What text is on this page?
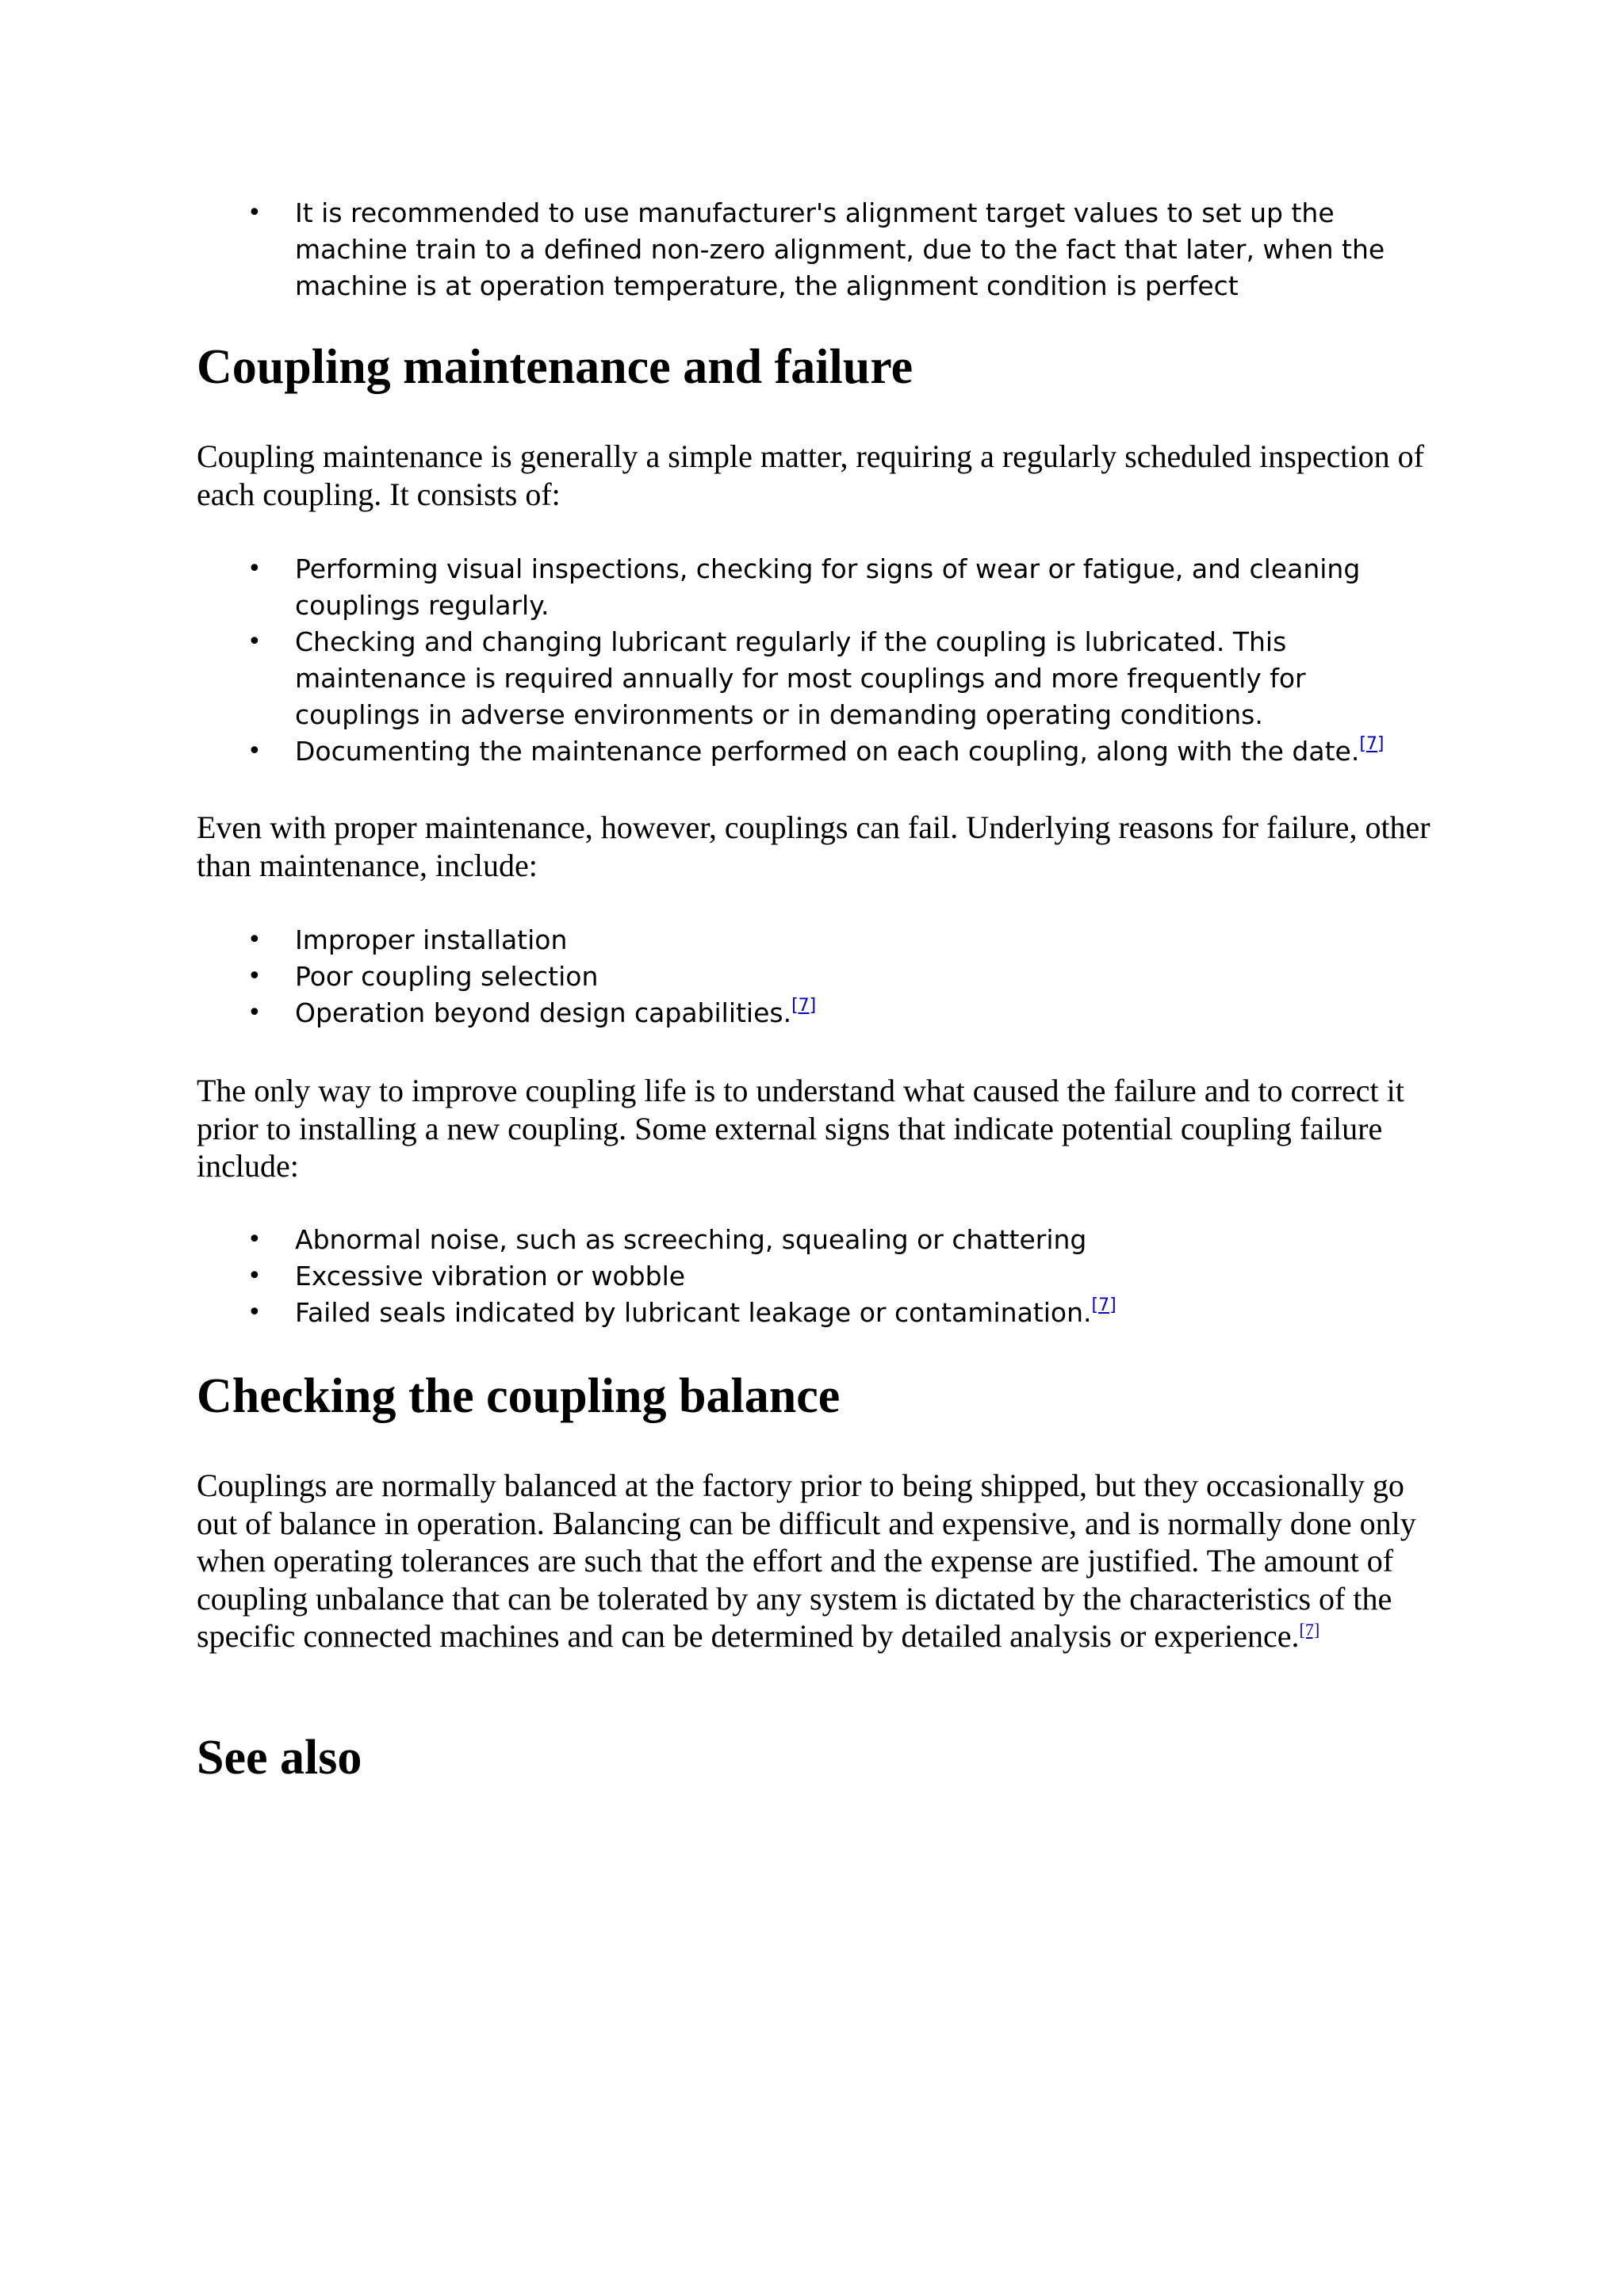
• It is recommended to use manufacturer's alignment target values to set up the machine train to a defined non-zero alignment, due to the fact that later, when the machine is at operation temperature, the alignment condition is perfect
Coupling maintenance and failure

Coupling maintenance is generally a simple matter, requiring a regularly scheduled inspection of each coupling. It consists of:

• Performing visual inspections, checking for signs of wear or fatigue, and cleaning couplings regularly.
• Checking and changing lubricant regularly if the coupling is lubricated. This maintenance is required annually for most couplings and more frequently for couplings in adverse environments or in demanding operating conditions.
• Documenting the maintenance performed on each coupling, along with the date.[7]

Even with proper maintenance, however, couplings can fail. Underlying reasons for failure, other than maintenance, include:

• Improper installation
• Poor coupling selection
• Operation beyond design capabilities.[7]

The only way to improve coupling life is to understand what caused the failure and to correct it prior to installing a new coupling. Some external signs that indicate potential coupling failure include:

• Abnormal noise, such as screeching, squealing or chattering
• Excessive vibration or wobble
• Failed seals indicated by lubricant leakage or contamination.[7]
Checking the coupling balance

Couplings are normally balanced at the factory prior to being shipped, but they occasionally go out of balance in operation. Balancing can be difficult and expensive, and is normally done only when operating tolerances are such that the effort and the expense are justified. The amount of coupling unbalance that can be tolerated by any system is dictated by the characteristics of the specific connected machines and can be determined by detailed analysis or experience.[7]

See also
